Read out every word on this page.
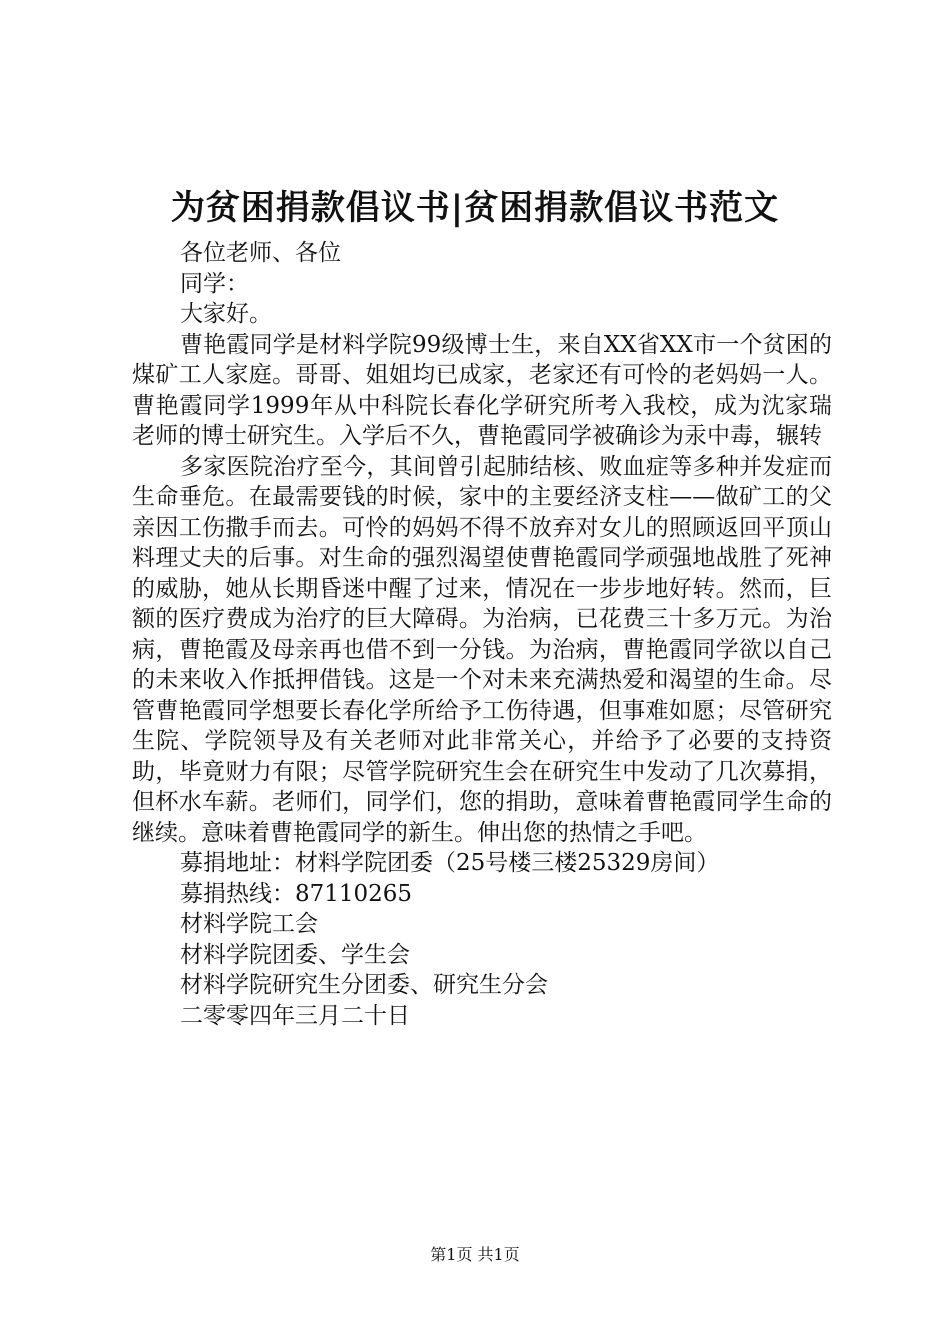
为贫困捐款倡议书|贫困捐款倡议书范文
各位老师、各位
同学：
大家好。
曹艳霞同学是材料学院99级博士生，来自XX省XX市一个贫困的煤矿工人家庭。哥哥、姐姐均已成家，老家还有可怜的老妈妈一人。曹艳霞同学1999年从中科院长春化学研究所考入我校，成为沈家瑞老师的博士研究生。入学后不久，曹艳霞同学被确诊为汞中毒，辗转
多家医院治疗至今，其间曾引起肺结核、败血症等多种并发症而生命垂危。在最需要钱的时候，家中的主要经济支柱——做矿工的父亲因工伤撒手而去。可怜的妈妈不得不放弃对女儿的照顾返回平顶山料理丈夫的后事。对生命的强烈渴望使曹艳霞同学顽强地战胜了死神的威胁，她从长期昏迷中醒了过来，情况在一步步地好转。然而，巨额的医疗费成为治疗的巨大障碍。为治病，已花费三十多万元。为治病，曹艳霞及母亲再也借不到一分钱。为治病，曹艳霞同学欲以自己的未来收入作抵押借钱。这是一个对未来充满热爱和渴望的生命。尽管曹艳霞同学想要长春化学所给予工伤待遇，但事难如愿；尽管研究生院、学院领导及有关老师对此非常关心，并给予了必要的支持资助，毕竟财力有限；尽管学院研究生会在研究生中发动了几次募捐，但杯水车薪。老师们，同学们，您的捐助，意味着曹艳霞同学生命的继续。意味着曹艳霞同学的新生。伸出您的热情之手吧。
募捐地址：材料学院团委（25号楼三楼25329房间）
募捐热线：87110265
材料学院工会
材料学院团委、学生会
材料学院研究生分团委、研究生分会
二零零四年三月二十日
第1页 共1页
